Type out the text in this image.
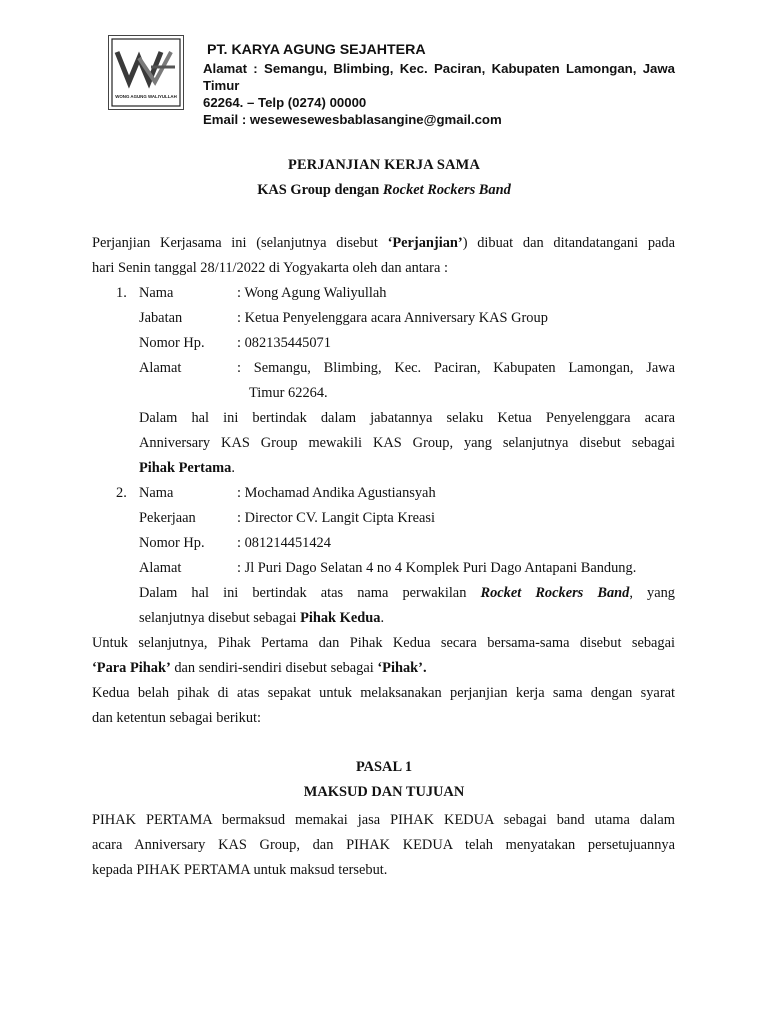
WONG AGUNG WALIYULLAH
PT. KARYA AGUNG SEJAHTERA
Alamat : Semangu, Blimbing, Kec. Paciran, Kabupaten Lamongan, Jawa Timur
62264. – Telp (0274) 00000
Email : wesewesewesbablasangine@gmail.com
PERJANJIAN KERJA SAMA
KAS Group dengan Rocket Rockers Band
Perjanjian Kerjasama ini (selanjutnya disebut ‘Perjanjian’) dibuat dan ditandatangani pada
hari Senin tanggal 28/11/2022 di Yogyakarta oleh dan antara :
1. Nama	: Wong Agung Waliyullah
Jabatan	: Ketua Penyelenggara acara Anniversary KAS Group
Nomor Hp. : 082135445071
Alamat	: Semangu, Blimbing, Kec. Paciran, Kabupaten Lamongan, Jawa
Timur 62264.
Dalam hal ini bertindak dalam jabatannya selaku Ketua Penyelenggara acara
Anniversary KAS Group mewakili KAS Group, yang selanjutnya disebut sebagai
Pihak Pertama.
2. Nama	: Mochamad Andika Agustiansyah
Pekerjaan	: Director CV. Langit Cipta Kreasi
Nomor Hp. : 081214451424
Alamat	: Jl Puri Dago Selatan 4 no 4 Komplek Puri Dago Antapani Bandung.
Dalam hal ini bertindak atas nama perwakilan Rocket Rockers Band, yang
selanjutnya disebut sebagai Pihak Kedua.
Untuk selanjutnya, Pihak Pertama dan Pihak Kedua secara bersama-sama disebut sebagai
‘Para Pihak’ dan sendiri-sendiri disebut sebagai ‘Pihak’.
Kedua belah pihak di atas sepakat untuk melaksanakan perjanjian kerja sama dengan syarat
dan ketentun sebagai berikut:
PASAL 1
MAKSUD DAN TUJUAN
PIHAK PERTAMA bermaksud memakai jasa PIHAK KEDUA sebagai band utama dalam
acara Anniversary KAS Group, dan PIHAK KEDUA telah menyatakan persetujuannya
kepada PIHAK PERTAMA untuk maksud tersebut.
